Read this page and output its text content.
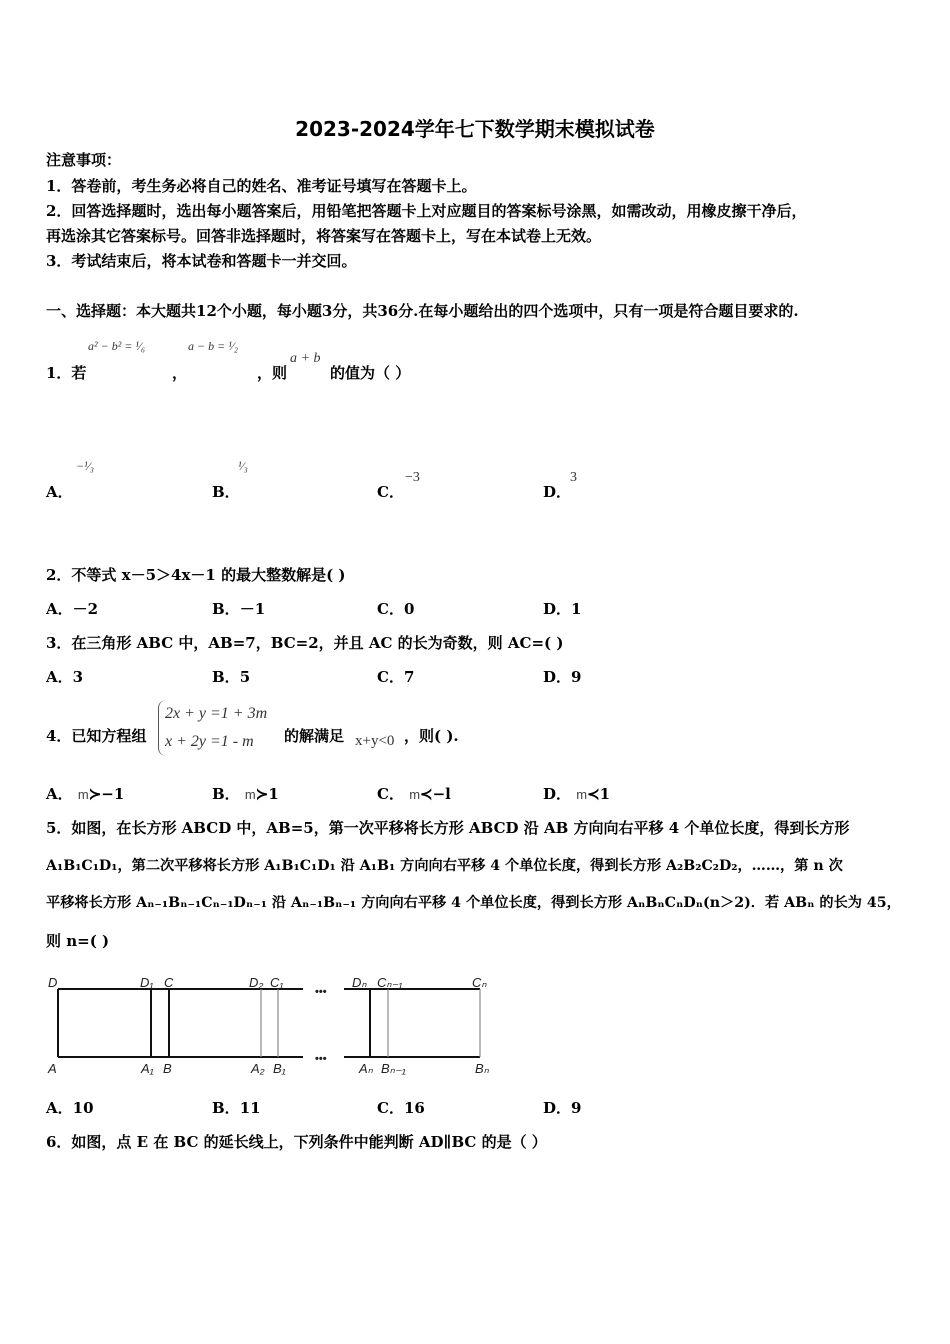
2023-2024学年七下数学期末模拟试卷
注意事项：
1．答卷前，考生务必将自己的姓名、准考证号填写在答题卡上。
2．回答选择题时，选出每小题答案后，用铅笔把答题卡上对应题目的答案标号涂黑，如需改动，用橡皮擦干净后，
再选涂其它答案标号。回答非选择题时，将答案写在答题卡上，写在本试卷上无效。
3．考试结束后，将本试卷和答题卡一并交回。
一、选择题：本大题共12个小题，每小题3分，共36分.在每小题给出的四个选项中，只有一项是符合题目要求的.
a² − b² = ¹⁄₆	a − b = ¹⁄₂
1．若	，	，则
a + b
的值为（ ）
A．
−¹⁄₃
B．
¹⁄₃
C．
−3
D．
3
2．不等式 x－5＞4x－1 的最大整数解是( )
A．－2	B．－1	C．0	D．1
3．在三角形 ABC 中，AB=7，BC=2，并且 AC 的长为奇数，则 AC=( )
A．3	B．5	C．7	D．9
4．已知方程组
2x + y =1 + 3m
x + 2y =1 - m	的解满足 x+y<0 ，则( ).
A． m≻−1	B． m≻1	C． m≺−l	D． m≺1
5．如图，在长方形 ABCD 中，AB=5，第一次平移将长方形 ABCD 沿 AB 方向向右平移 4 个单位长度，得到长方形
A₁B₁C₁D₁，第二次平移将长方形 A₁B₁C₁D₁ 沿 A₁B₁ 方向向右平移 4 个单位长度，得到长方形 A₂B₂C₂D₂，……，第 n 次
平移将长方形 Aₙ₋₁Bₙ₋₁Cₙ₋₁Dₙ₋₁ 沿 Aₙ₋₁Bₙ₋₁ 方向向右平移 4 个单位长度，得到长方形 AₙBₙCₙDₙ(n＞2)．若 ABₙ 的长为 45，
则 n=( )
D	D₁ C	D₂ C₁
•••
Dₙ Cₙ₋₁	Cₙ
A	A₁ B	A₂ B₁
•••
Aₙ Bₙ₋₁	Bₙ
A．10	B．11	C．16	D．9
6．如图，点 E 在 BC 的延长线上，下列条件中能判断 AD∥BC 的是（ ）
